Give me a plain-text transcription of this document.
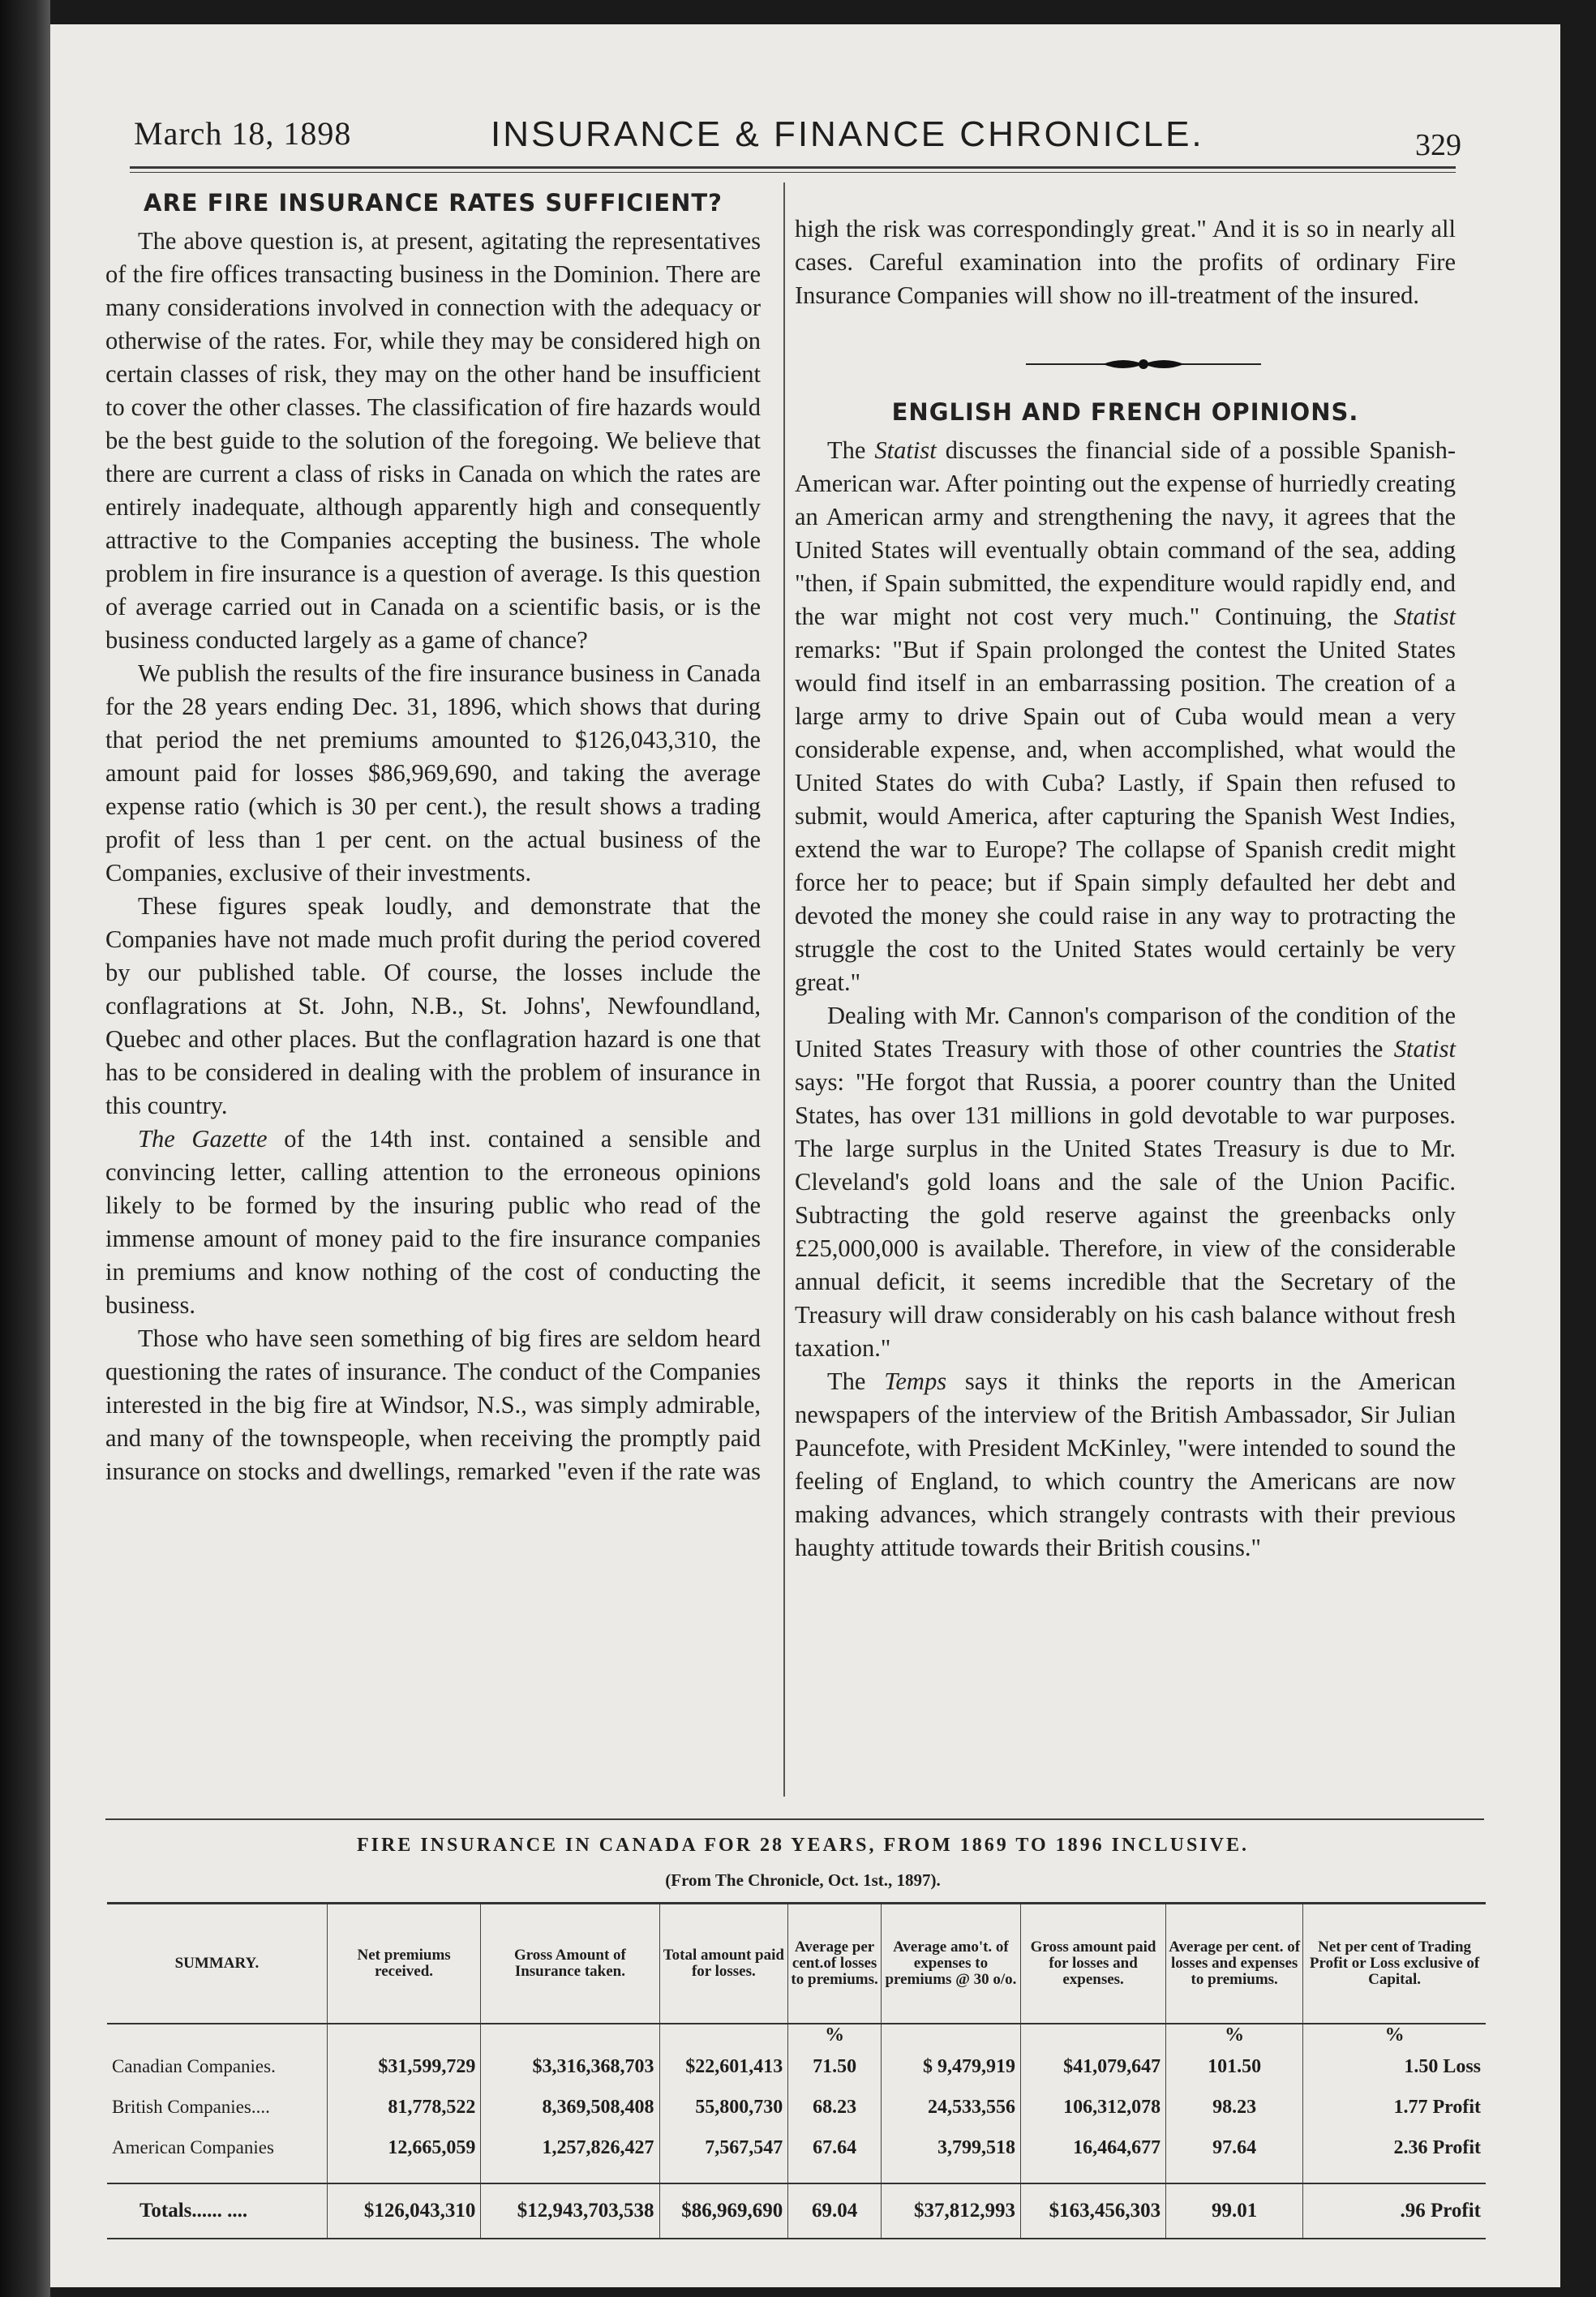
March 18, 1898	INSURANCE & FINANCE CHRONICLE.	329
ARE FIRE INSURANCE RATES SUFFICIENT?

The above question is, at present, agitating the representatives of the fire offices transacting business in the Dominion. There are many considerations involved in connection with the adequacy or otherwise of the rates. For, while they may be considered high on certain classes of risk, they may on the other hand be insufficient to cover the other classes. The classification of fire hazards would be the best guide to the solution of the foregoing. We believe that there are current a class of risks in Canada on which the rates are entirely inadequate, although apparently high and consequently attractive to the Companies accepting the business. The whole problem in fire insurance is a question of average. Is this question of average carried out in Canada on a scientific basis, or is the business conducted largely as a game of chance?

We publish the results of the fire insurance business in Canada for the 28 years ending Dec. 31, 1896, which shows that during that period the net premiums amounted to $126,043,310, the amount paid for losses $86,969,690, and taking the average expense ratio (which is 30 per cent.), the result shows a trading profit of less than 1 per cent. on the actual business of the Companies, exclusive of their investments.

These figures speak loudly, and demonstrate that the Companies have not made much profit during the period covered by our published table. Of course, the losses include the conflagrations at St. John, N.B., St. Johns', Newfoundland, Quebec and other places. But the conflagration hazard is one that has to be considered in dealing with the problem of insurance in this country.

The Gazette of the 14th inst. contained a sensible and convincing letter, calling attention to the erroneous opinions likely to be formed by the insuring public who read of the immense amount of money paid to the fire insurance companies in premiums and know nothing of the cost of conducting the business.

Those who have seen something of big fires are seldom heard questioning the rates of insurance. The conduct of the Companies interested in the big fire at Windsor, N.S., was simply admirable, and many of the townspeople, when receiving the promptly paid insurance on stocks and dwellings, remarked "even if the rate was

high the risk was correspondingly great." And it is so in nearly all cases. Careful examination into the profits of ordinary Fire Insurance Companies will show no ill-treatment of the insured.

ENGLISH AND FRENCH OPINIONS.

The Statist discusses the financial side of a possible Spanish-American war. After pointing out the expense of hurriedly creating an American army and strengthening the navy, it agrees that the United States will eventually obtain command of the sea, adding "then, if Spain submitted, the expenditure would rapidly end, and the war might not cost very much." Continuing, the Statist remarks: "But if Spain prolonged the contest the United States would find itself in an embarrassing position. The creation of a large army to drive Spain out of Cuba would mean a very considerable expense, and, when accomplished, what would the United States do with Cuba? Lastly, if Spain then refused to submit, would America, after capturing the Spanish West Indies, extend the war to Europe? The collapse of Spanish credit might force her to peace; but if Spain simply defaulted her debt and devoted the money she could raise in any way to protracting the struggle the cost to the United States would certainly be very great."

Dealing with Mr. Cannon's comparison of the condition of the United States Treasury with those of other countries the Statist says: "He forgot that Russia, a poorer country than the United States, has over 131 millions in gold devotable to war purposes. The large surplus in the United States Treasury is due to Mr. Cleveland's gold loans and the sale of the Union Pacific. Subtracting the gold reserve against the greenbacks only £25,000,000 is available. Therefore, in view of the considerable annual deficit, it seems incredible that the Secretary of the Treasury will draw considerably on his cash balance without fresh taxation."

The Temps says it thinks the reports in the American newspapers of the interview of the British Ambassador, Sir Julian Pauncefote, with President McKinley, "were intended to sound the feeling of England, to which country the Americans are now making advances, which strangely contrasts with their previous haughty attitude towards their British cousins."

FIRE INSURANCE IN CANADA FOR 28 YEARS, FROM 1869 TO 1896 INCLUSIVE.
(From The Chronicle, Oct. 1st., 1897).
SUMMARY.	Net premiums received.	Gross Amount of Insurance taken.	Total amount paid for losses.	Average per cent.of losses to premiums.	Average amo't. of expenses to premiums @ 30 o/o.	Gross amount paid for losses and expenses.	Average per cent. of losses and expenses to premiums.	Net per cent of Trading Profit or Loss exclusive of Capital.
				%			%	%
Canadian Companies.	$31,599,729	$3,316,368,703	$22,601,413	71.50	$ 9,479,919	$41,079,647	101.50	1.50 Loss
British Companies....	81,778,522	8,369,508,408	55,800,730	68.23	24,533,556	106,312,078	98.23	1.77 Profit
American Companies	12,665,059	1,257,826,427	7,567,547	67.64	3,799,518	16,464,677	97.64	2.36 Profit

Totals...... ....	$126,043,310	$12,943,703,538	$86,969,690	69.04	$37,812,993	$163,456,303	99.01	.96 Profit
